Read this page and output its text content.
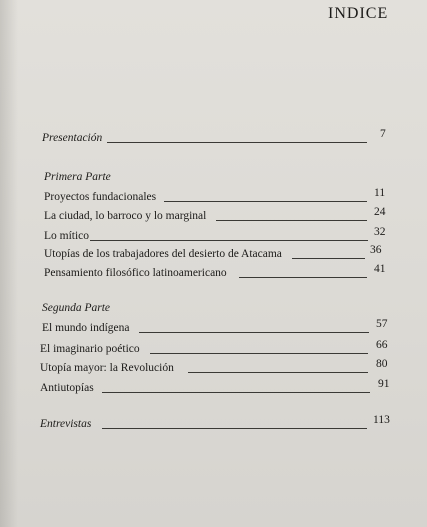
INDICE
Presentación	7
Primera Parte
Proyectos fundacionales	11
La ciudad, lo barroco y lo marginal	24
Lo mítico	32
Utopías de los trabajadores del desierto de Atacama	36
Pensamiento filosófico latinoamericano	41
Segunda Parte
El mundo indígena	57
El imaginario poético	66
Utopía mayor: la Revolución	80
Antiutopías	91
Entrevistas	113
